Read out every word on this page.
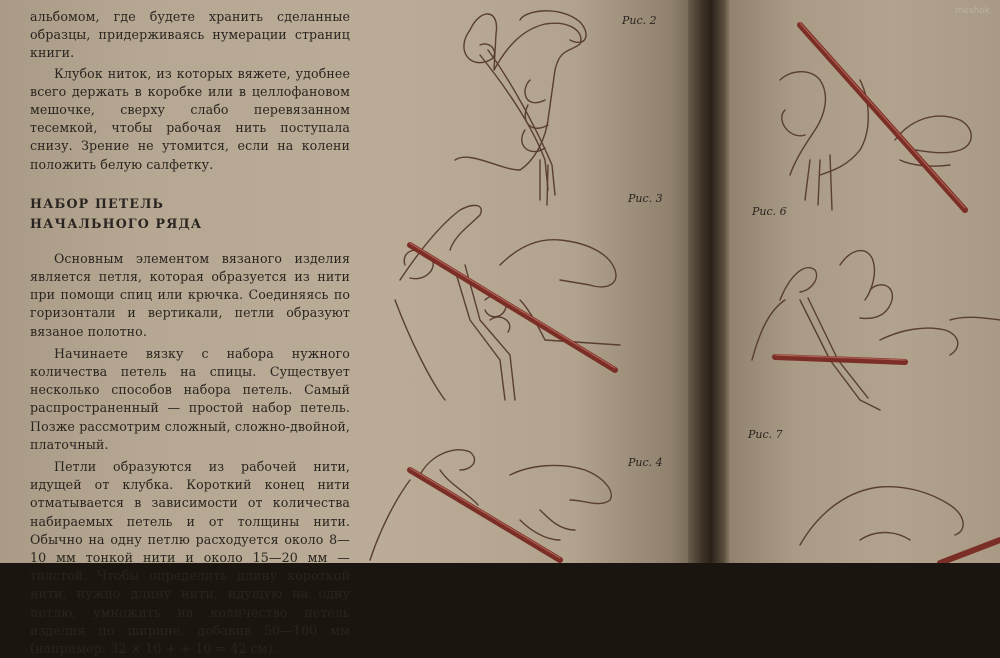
альбомом, где будете хранить сделанные образцы, придерживаясь нумерации страниц книги.

Клубок ниток, из которых вяжете, удобнее всего держать в коробке или в целлофановом мешочке, сверху слабо перевязанном тесемкой, чтобы рабочая нить поступала снизу. Зрение не утомится, если на колени положить белую салфетку.

НАБОР ПЕТЕЛЬ

НАЧАЛЬНОГО РЯДА

Основным элементом вязаного изделия является петля, которая образуется из нити при помощи спиц или крючка. Соединяясь по горизонтали и вертикали, петли образуют вязаное полотно.

Начинаете вязку с набора нужного количества петель на спицы. Существует несколько способов набора петель. Самый распространенный — простой набор петель. Позже рассмотрим сложный, сложно-двойной, платочный.

Петли образуются из рабочей нити, идущей от клубка. Короткий конец нити отматывается в зависимости от количества набираемых петель и от толщины нити. Обычно на одну петлю расходуется около 8—10 мм тонкой нити и около 15—20 мм — толстой. Чтобы определить длину короткой нити, нужно длину нити, идущую на одну петлю, умножить на количество петель изделия по ширине, добавив 50—100 мм (например: 32 × 10 + + 10 = 42 см).

Рис. 2
Рис. 3
Рис. 4
Рис. 6
Рис. 7
meshok
